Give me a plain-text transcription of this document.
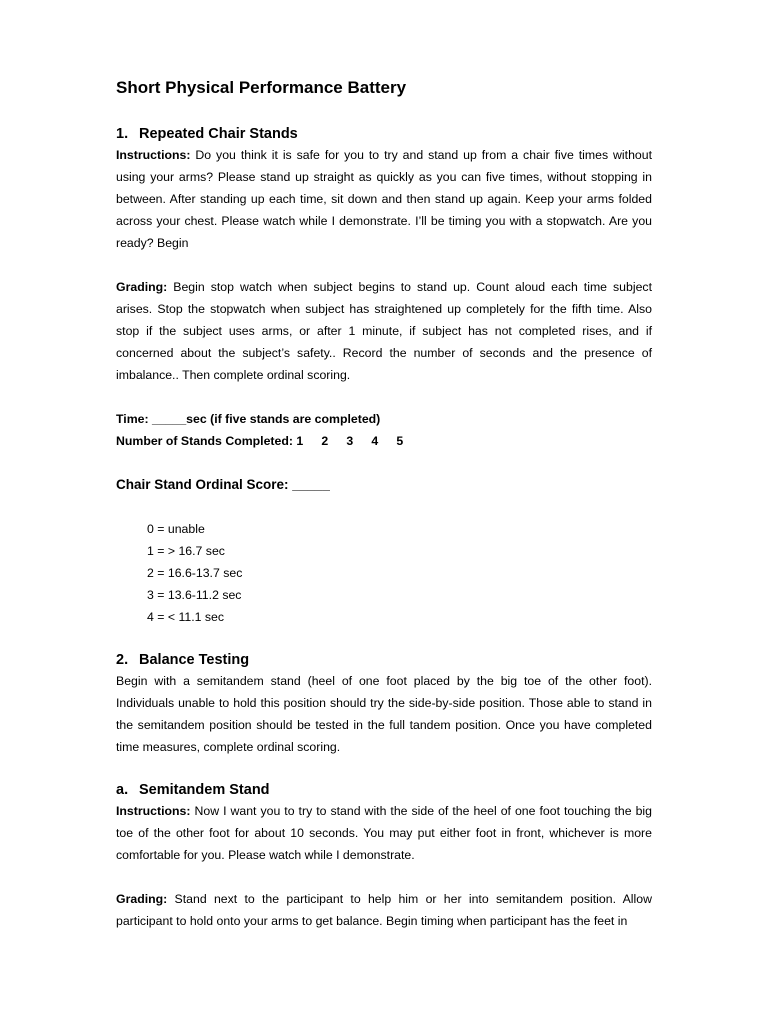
Short Physical Performance Battery
1. Repeated Chair Stands

Instructions: Do you think it is safe for you to try and stand up from a chair five times without using your arms? Please stand up straight as quickly as you can five times, without stopping in between. After standing up each time, sit down and then stand up again. Keep your arms folded across your chest. Please watch while I demonstrate. I’ll be timing you with a stopwatch. Are you ready? Begin

Grading: Begin stop watch when subject begins to stand up. Count aloud each time subject arises. Stop the stopwatch when subject has straightened up completely for the fifth time. Also stop if the subject uses arms, or after 1 minute, if subject has not completed rises, and if concerned about the subject’s safety.. Record the number of seconds and the presence of imbalance.. Then complete ordinal scoring.

Time: _____sec (if five stands are completed)

Number of Stands Completed: 1 2 3 4 5

Chair Stand Ordinal Score: _____

0 = unable
1 = > 16.7 sec
2 = 16.6-13.7 sec
3 = 13.6-11.2 sec
4 = < 11.1 sec
2. Balance Testing

Begin with a semitandem stand (heel of one foot placed by the big toe of the other foot). Individuals unable to hold this position should try the side-by-side position. Those able to stand in the semitandem position should be tested in the full tandem position. Once you have completed time measures, complete ordinal scoring.

a. Semitandem Stand

Instructions: Now I want you to try to stand with the side of the heel of one foot touching the big toe of the other foot for about 10 seconds. You may put either foot in front, whichever is more comfortable for you. Please watch while I demonstrate.

Grading: Stand next to the participant to help him or her into semitandem position. Allow participant to hold onto your arms to get balance. Begin timing when participant has the feet in
